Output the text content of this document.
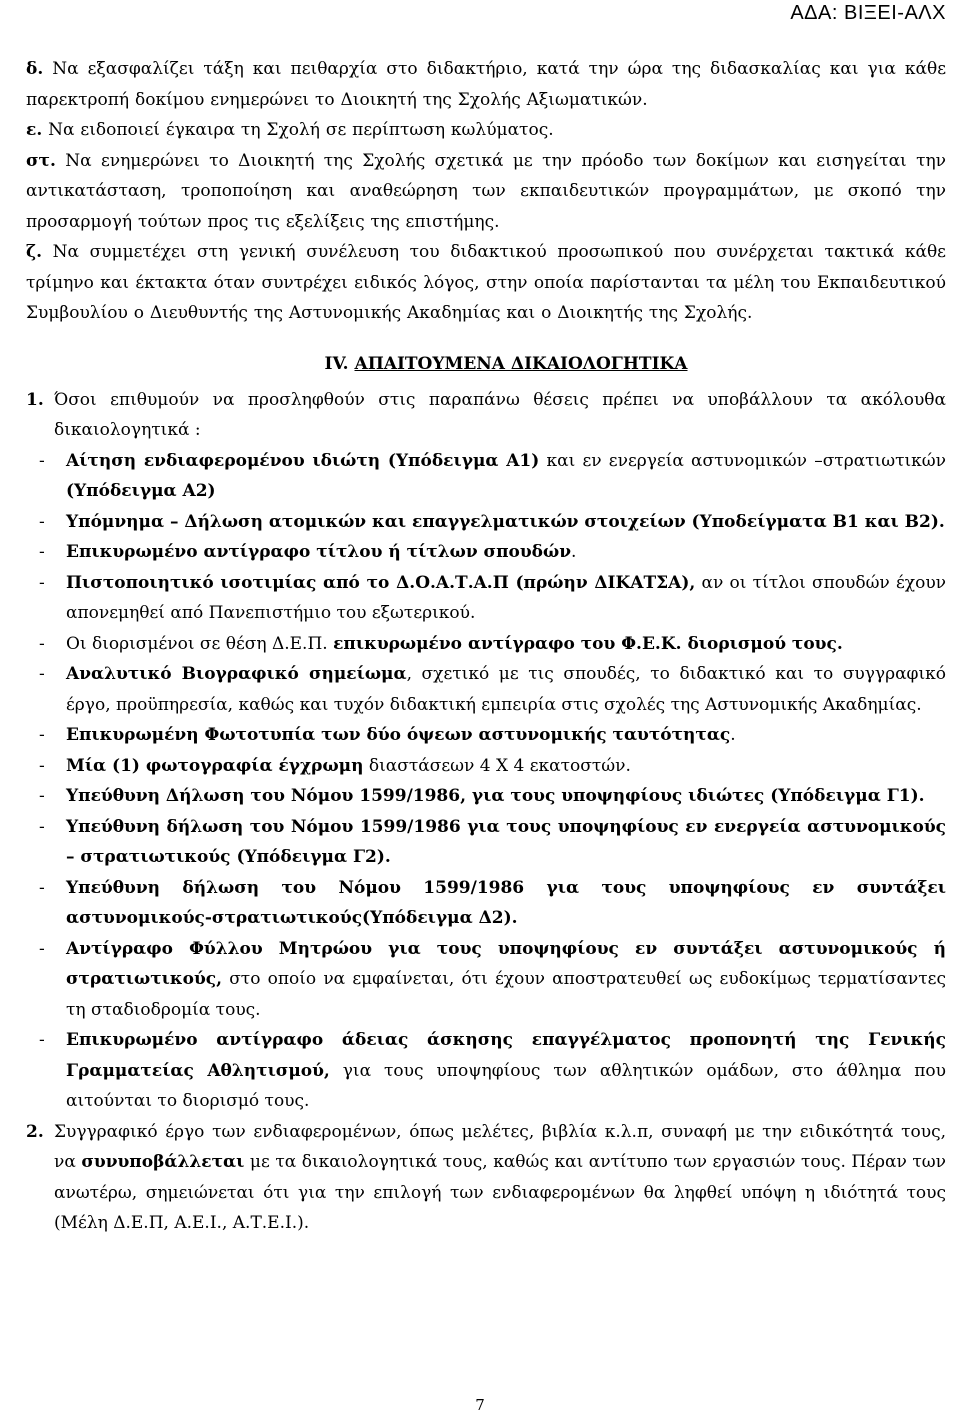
ΑΔΑ: ΒΙΞΕΙ-ΑΛΧ

δ. Να εξασφαλίζει τάξη και πειθαρχία στο διδακτήριο, κατά την ώρα της διδασκαλίας και για κάθε παρεκτροπή δοκίμου ενημερώνει το Διοικητή της Σχολής Αξιωματικών.

ε. Να ειδοποιεί έγκαιρα τη Σχολή σε περίπτωση κωλύματος.

στ. Να ενημερώνει το Διοικητή της Σχολής σχετικά με την πρόοδο των δοκίμων και εισηγείται την αντικατάσταση, τροποποίηση και αναθεώρηση των εκπαιδευτικών προγραμμάτων, με σκοπό την προσαρμογή τούτων προς τις εξελίξεις της επιστήμης.

ζ. Να συμμετέχει στη γενική συνέλευση του διδακτικού προσωπικού που συνέρχεται τακτικά κάθε τρίμηνο και έκτακτα όταν συντρέχει ειδικός λόγος, στην οποία παρίστανται τα μέλη του Εκπαιδευτικού Συμβουλίου ο Διευθυντής της Αστυνομικής Ακαδημίας και ο Διοικητής της Σχολής.

IV. ΑΠΑΙΤΟΥΜΕΝΑ ΔΙΚΑΙΟΛΟΓΗΤΙΚΑ

1. Όσοι επιθυμούν να προσληφθούν στις παραπάνω θέσεις πρέπει να υποβάλλουν τα ακόλουθα δικαιολογητικά :

- Αίτηση ενδιαφερομένου ιδιώτη (Υπόδειγμα Α1) και εν ενεργεία αστυνομικών –στρατιωτικών (Υπόδειγμα Α2)

- Υπόμνημα – Δήλωση ατομικών και επαγγελματικών στοιχείων (Υποδείγματα Β1 και Β2).

- Επικυρωμένο αντίγραφο τίτλου ή τίτλων σπουδών.

- Πιστοποιητικό ισοτιμίας από το Δ.Ο.Α.Τ.Α.Π (πρώην ΔΙΚΑΤΣΑ), αν οι τίτλοι σπουδών έχουν απονεμηθεί από Πανεπιστήμιο του εξωτερικού.

- Οι διορισμένοι σε θέση Δ.Ε.Π. επικυρωμένο αντίγραφο του Φ.Ε.Κ. διορισμού τους.

- Αναλυτικό Βιογραφικό σημείωμα, σχετικό με τις σπουδές, το διδακτικό και το συγγραφικό έργο, προϋπηρεσία, καθώς και τυχόν διδακτική εμπειρία στις σχολές της Αστυνομικής Ακαδημίας.

- Επικυρωμένη Φωτοτυπία των δύο όψεων αστυνομικής ταυτότητας.

- Μία (1) φωτογραφία έγχρωμη διαστάσεων 4 Χ 4 εκατοστών.

- Υπεύθυνη Δήλωση του Νόμου 1599/1986, για τους υποψηφίους ιδιώτες (Υπόδειγμα Γ1).

- Υπεύθυνη δήλωση του Νόμου 1599/1986 για τους υποψηφίους εν ενεργεία αστυνομικούς – στρατιωτικούς (Υπόδειγμα Γ2).

- Υπεύθυνη δήλωση του Νόμου 1599/1986 για τους υποψηφίους εν συντάξει αστυνομικούς-στρατιωτικούς(Υπόδειγμα Δ2).

- Αντίγραφο Φύλλου Μητρώου για τους υποψηφίους εν συντάξει αστυνομικούς ή στρατιωτικούς, στο οποίο να εμφαίνεται, ότι έχουν αποστρατευθεί ως ευδοκίμως τερματίσαντες τη σταδιοδρομία τους.

- Επικυρωμένο αντίγραφο άδειας άσκησης επαγγέλματος προπονητή της Γενικής Γραμματείας Αθλητισμού, για τους υποψηφίους των αθλητικών ομάδων, στο άθλημα που αιτούνται το διορισμό τους.

2. Συγγραφικό έργο των ενδιαφερομένων, όπως μελέτες, βιβλία κ.λ.π, συναφή με την ειδικότητά τους, να συνυποβάλλεται με τα δικαιολογητικά τους, καθώς και αντίτυπο των εργασιών τους. Πέραν των ανωτέρω, σημειώνεται ότι για την επιλογή των ενδιαφερομένων θα ληφθεί υπόψη η ιδιότητά τους (Μέλη Δ.Ε.Π, Α.Ε.Ι., Α.Τ.Ε.Ι.).

7
